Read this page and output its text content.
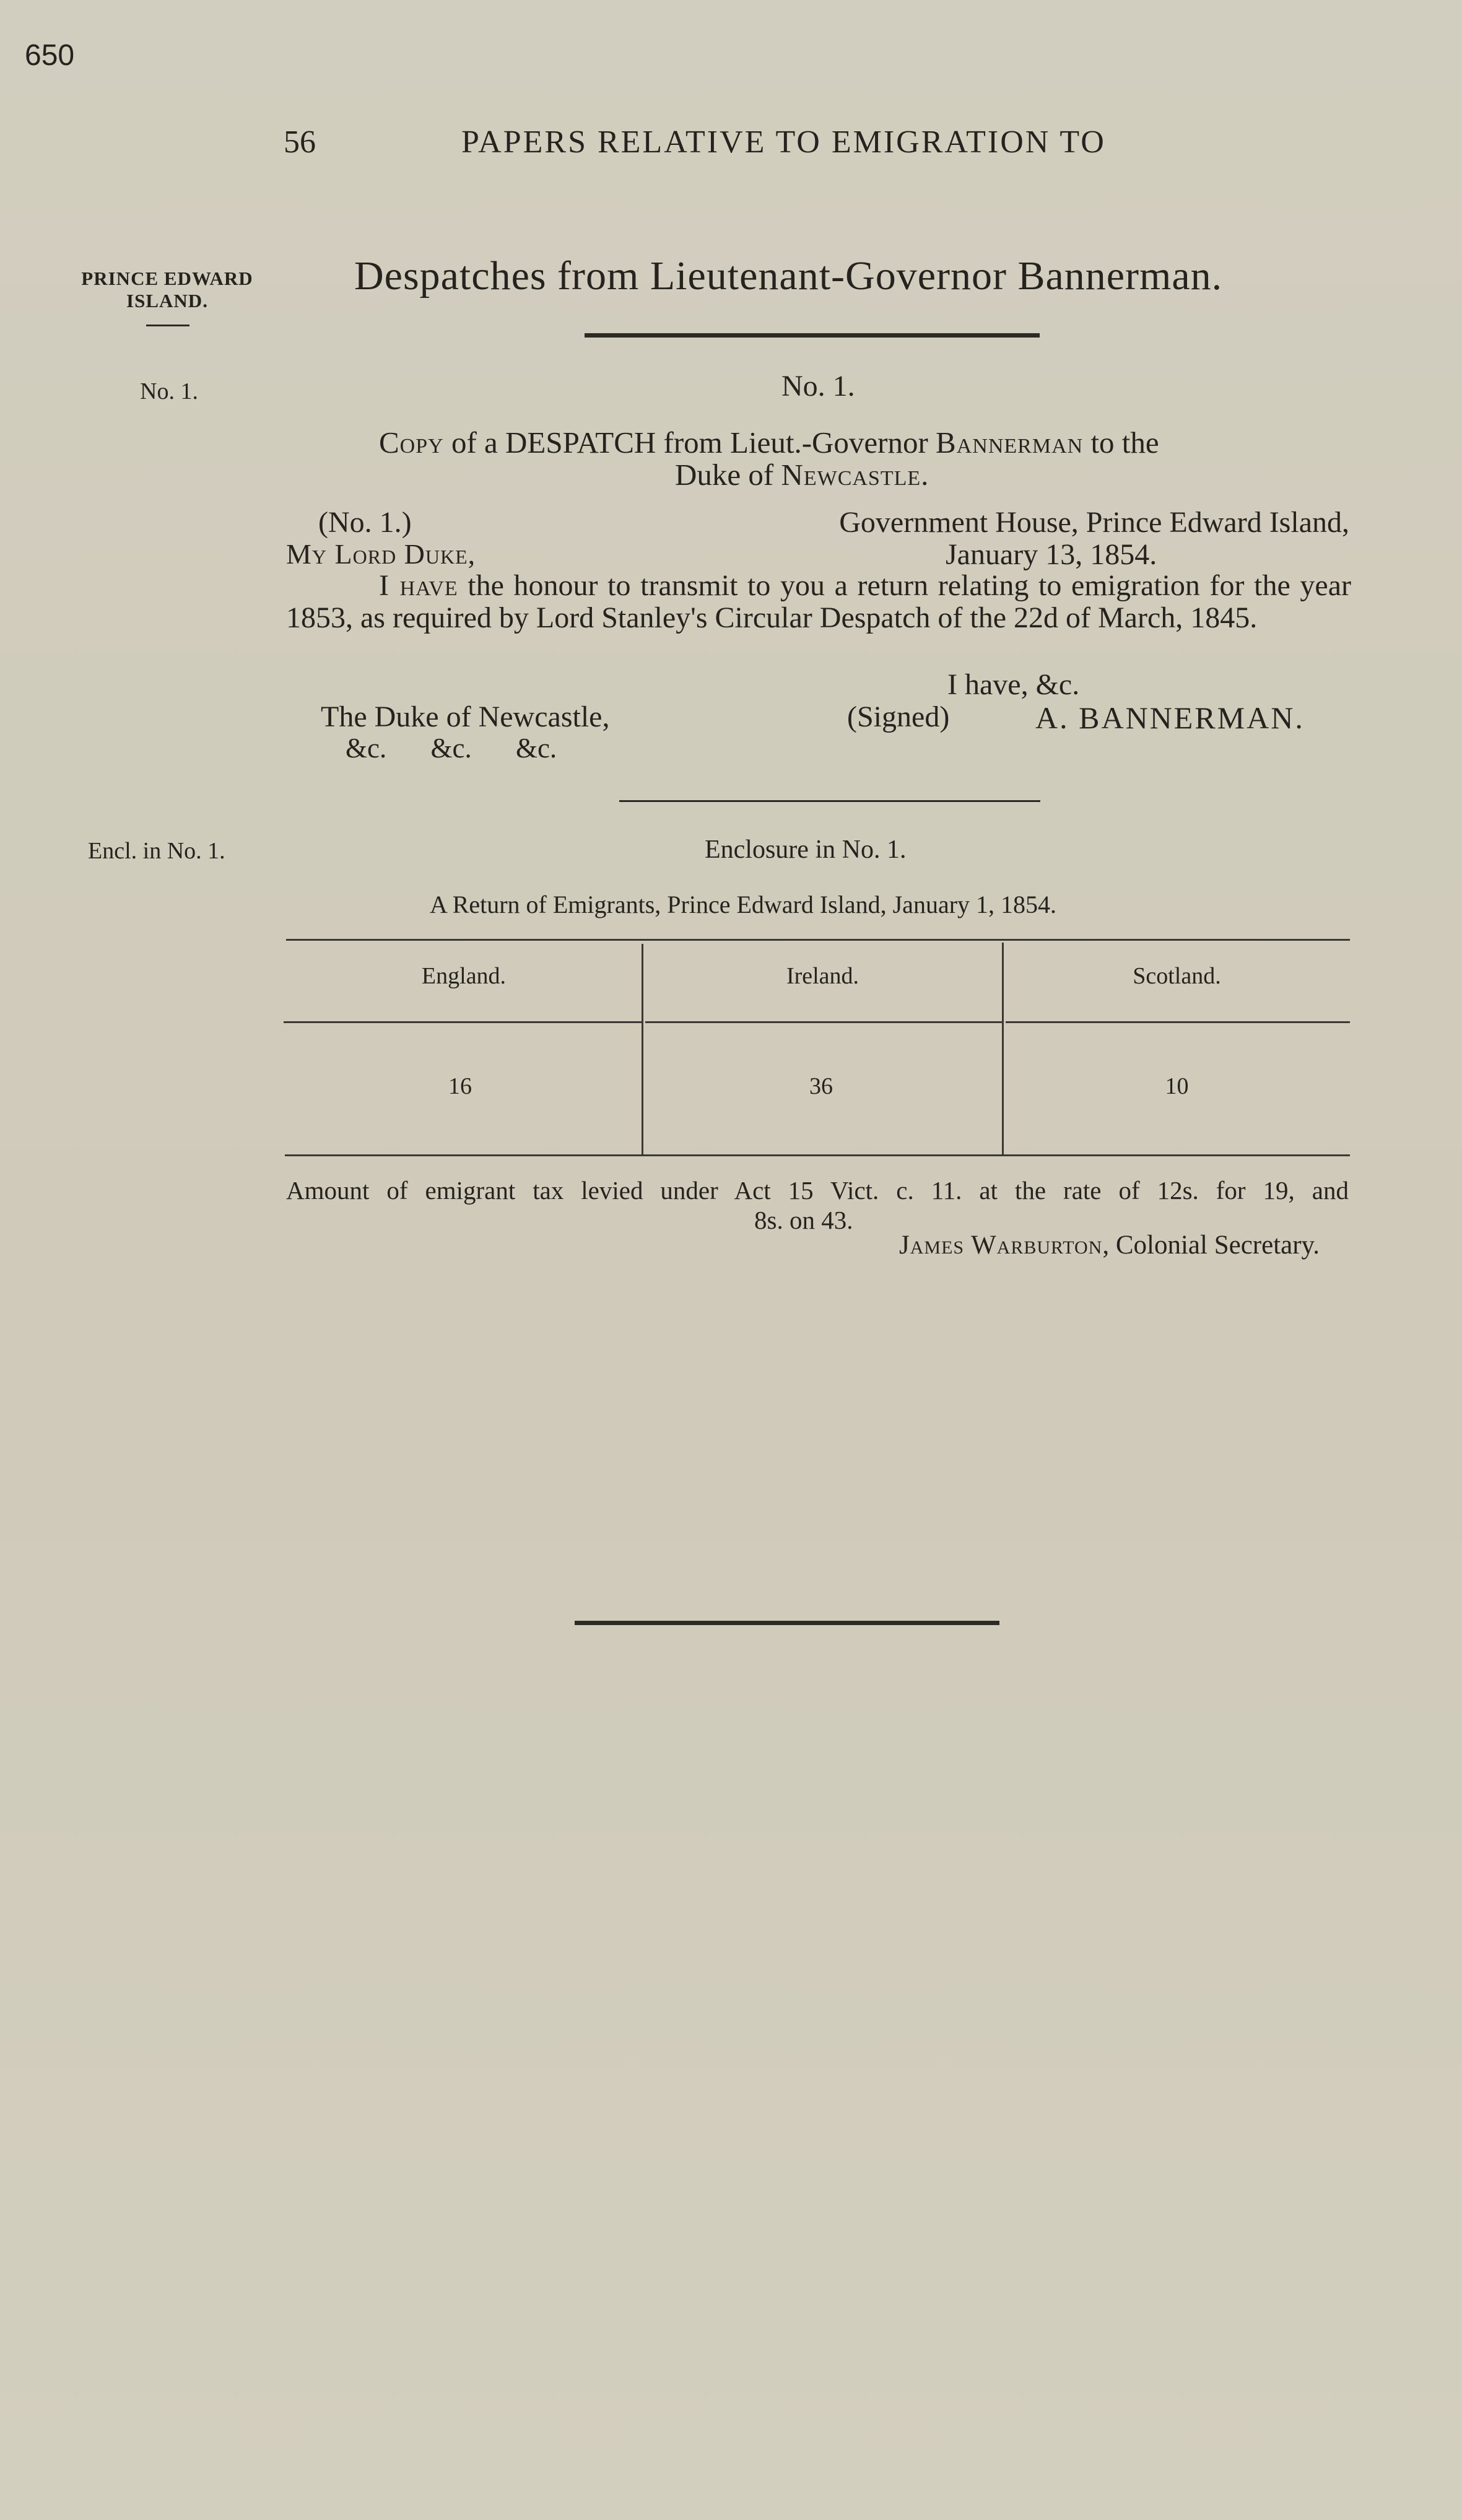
650
56	PAPERS RELATIVE TO EMIGRATION TO
PRINCE EDWARD
ISLAND.
Despatches from Lieutenant-Governor Bannerman.
No. 1.	No. 1.
Copy of a DESPATCH from Lieut.-Governor Bannerman to the
Duke of Newcastle.
(No. 1.)	Government House, Prince Edward Island,
My Lord Duke,	January 13, 1854.
I have the honour to transmit to you a return relating to emigration for the year 1853, as required by Lord Stanley's Circular Despatch of the 22d of March, 1845.
I have, &c.
The Duke of Newcastle,	(Signed)	A. BANNERMAN.
&c. &c. &c.
Encl. in No. 1.	Enclosure in No. 1.
A Return of Emigrants, Prince Edward Island, January 1, 1854.
England.	Ireland.	Scotland.
16	36	10
Amount of emigrant tax levied under Act 15 Vict. c. 11. at the rate of 12s. for 19, and
8s. on 43.
James Warburton, Colonial Secretary.
